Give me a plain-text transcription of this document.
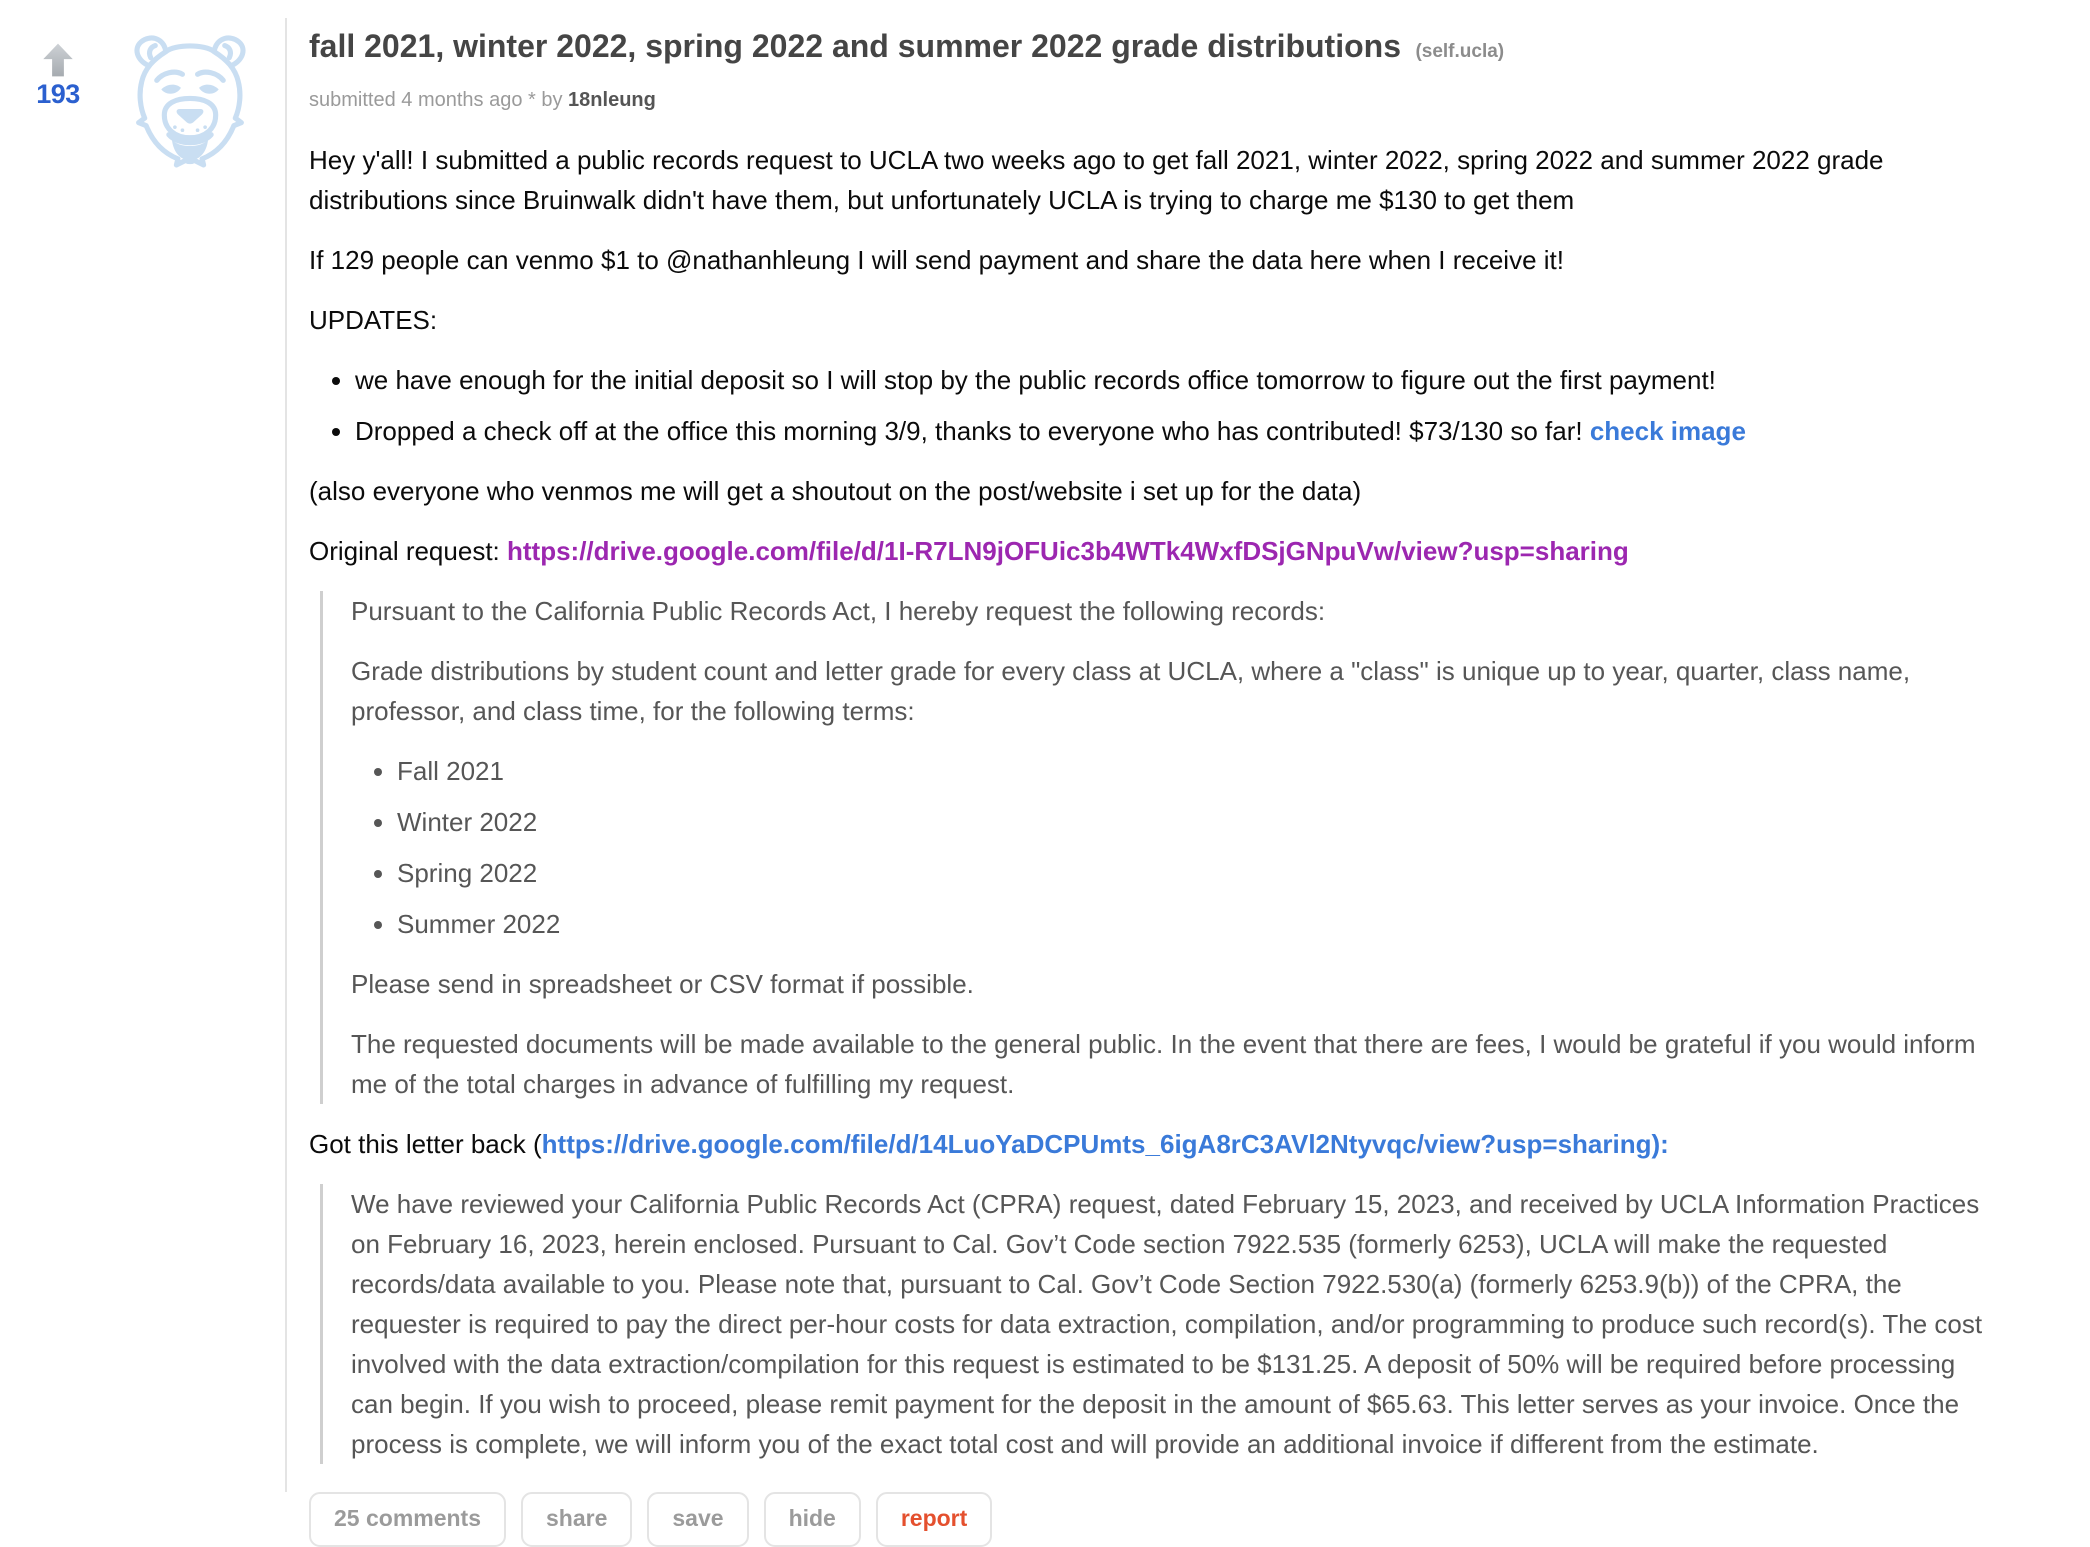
193
fall 2021, winter 2022, spring 2022 and summer 2022 grade distributions (self.ucla)
submitted 4 months ago * by 18nleung

Hey y'all! I submitted a public records request to UCLA two weeks ago to get fall 2021, winter 2022, spring 2022 and summer 2022 grade distributions since Bruinwalk didn't have them, but unfortunately UCLA is trying to charge me $130 to get them

If 129 people can venmo $1 to @nathanhleung I will send payment and share the data here when I receive it!

UPDATES:

• we have enough for the initial deposit so I will stop by the public records office tomorrow to figure out the first payment!
• Dropped a check off at the office this morning 3/9, thanks to everyone who has contributed! $73/130 so far! check image

(also everyone who venmos me will get a shoutout on the post/website i set up for the data)

Original request: https://drive.google.com/file/d/1I-R7LN9jOFUic3b4WTk4WxfDSjGNpuVw/view?usp=sharing

Pursuant to the California Public Records Act, I hereby request the following records:

Grade distributions by student count and letter grade for every class at UCLA, where a "class" is unique up to year, quarter, class name, professor, and class time, for the following terms:

• Fall 2021
• Winter 2022
• Spring 2022
• Summer 2022

Please send in spreadsheet or CSV format if possible.

The requested documents will be made available to the general public. In the event that there are fees, I would be grateful if you would inform me of the total charges in advance of fulfilling my request.

Got this letter back (https://drive.google.com/file/d/14LuoYaDCPUmts_6igA8rC3AVl2Ntyvqc/view?usp=sharing):

We have reviewed your California Public Records Act (CPRA) request, dated February 15, 2023, and received by UCLA Information Practices on February 16, 2023, herein enclosed. Pursuant to Cal. Gov’t Code section 7922.535 (formerly 6253), UCLA will make the requested records/data available to you. Please note that, pursuant to Cal. Gov’t Code Section 7922.530(a) (formerly 6253.9(b)) of the CPRA, the requester is required to pay the direct per-hour costs for data extraction, compilation, and/or programming to produce such record(s). The cost involved with the data extraction/compilation for this request is estimated to be $131.25. A deposit of 50% will be required before processing can begin. If you wish to proceed, please remit payment for the deposit in the amount of $65.63. This letter serves as your invoice. Once the process is complete, we will inform you of the exact total cost and will provide an additional invoice if different from the estimate.

25 comments	share	save	hide	report
